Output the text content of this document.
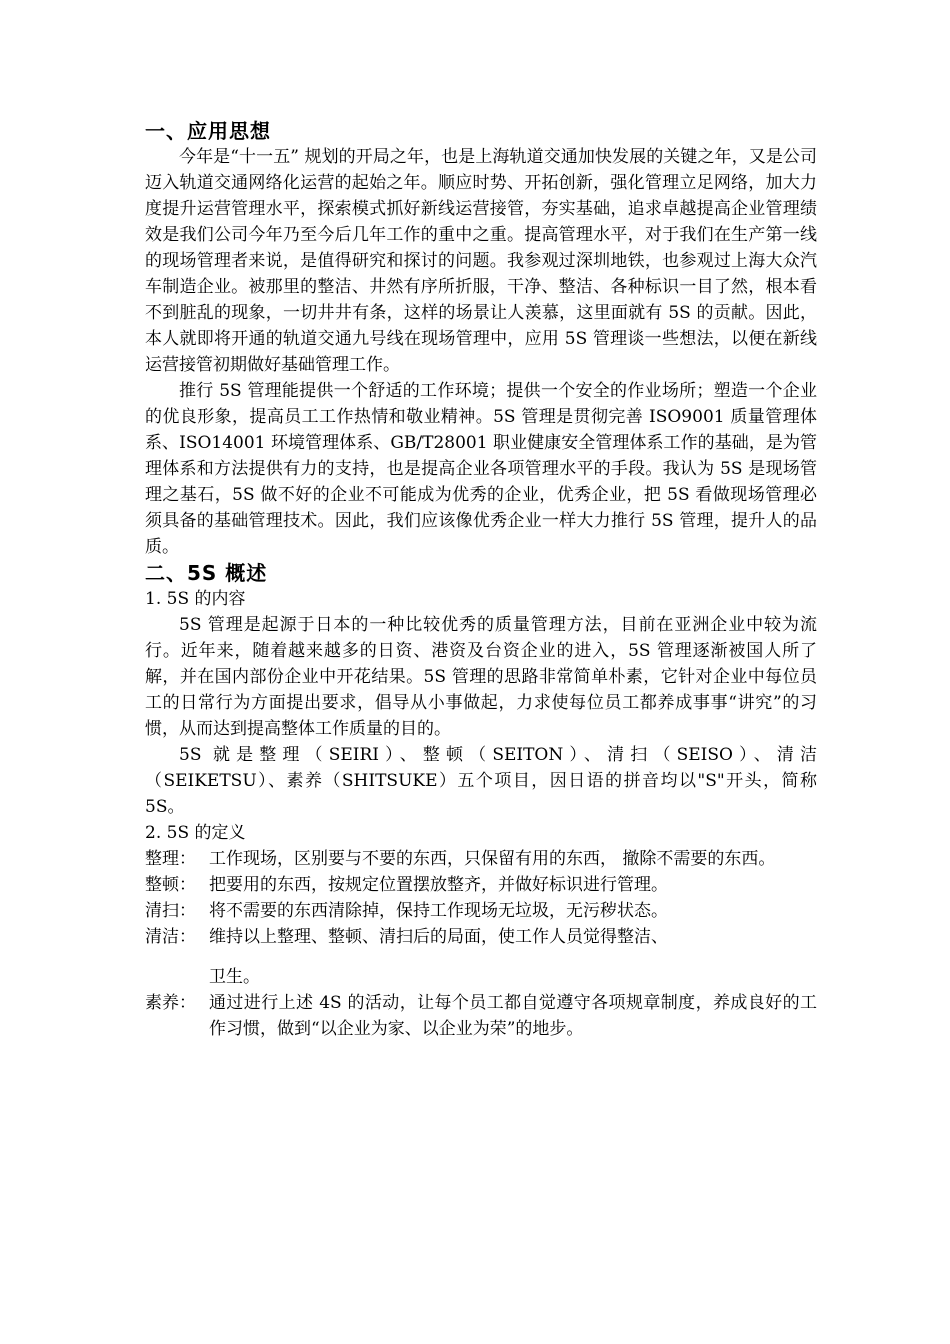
一、应用思想

今年是“十一五” 规划的开局之年，也是上海轨道交通加快发展的关键之年，又是公司迈入轨道交通网络化运营的起始之年。顺应时势、开拓创新，强化管理立足网络，加大力度提升运营管理水平，探索模式抓好新线运营接管，夯实基础，追求卓越提高企业管理绩效是我们公司今年乃至今后几年工作的重中之重。提高管理水平，对于我们在生产第一线的现场管理者来说，是值得研究和探讨的问题。我参观过深圳地铁，也参观过上海大众汽车制造企业。被那里的整洁、井然有序所折服，干净、整洁、各种标识一目了然，根本看不到脏乱的现象，一切井井有条，这样的场景让人羡慕，这里面就有 5S 的贡献。因此，本人就即将开通的轨道交通九号线在现场管理中，应用 5S 管理谈一些想法，以便在新线运营接管初期做好基础管理工作。

推行 5S 管理能提供一个舒适的工作环境；提供一个安全的作业场所；塑造一个企业的优良形象，提高员工工作热情和敬业精神。5S 管理是贯彻完善 ISO9001 质量管理体系、ISO14001 环境管理体系、GB/T28001 职业健康安全管理体系工作的基础，是为管理体系和方法提供有力的支持，也是提高企业各项管理水平的手段。我认为 5S 是现场管理之基石，5S 做不好的企业不可能成为优秀的企业，优秀企业，把 5S 看做现场管理必须具备的基础管理技术。因此，我们应该像优秀企业一样大力推行 5S 管理，提升人的品质。

二、5S 概述

1. 5S 的内容

5S 管理是起源于日本的一种比较优秀的质量管理方法，目前在亚洲企业中较为流行。近年来，随着越来越多的日资、港资及台资企业的进入，5S 管理逐渐被国人所了解，并在国内部份企业中开花结果。5S 管理的思路非常简单朴素，它针对企业中每位员工的日常行为方面提出要求，倡导从小事做起，力求使每位员工都养成事事“讲究”的习惯，从而达到提高整体工作质量的目的。

5S 就是整理（SEIRI）、整顿（SEITON）、清扫（SEISO）、清洁（SEIKETSU）、素养（SHITSUKE）五个项目，因日语的拼音均以"S"开头，简称 5S。

2. 5S 的定义

整理： 工作现场，区别要与不要的东西，只保留有用的东西， 撤除不需要的东西。
整顿： 把要用的东西，按规定位置摆放整齐，并做好标识进行管理。
清扫： 将不需要的东西清除掉，保持工作现场无垃圾，无污秽状态。
清洁： 维持以上整理、整顿、清扫后的局面，使工作人员觉得整洁、
卫生。
素养： 通过进行上述 4S 的活动，让每个员工都自觉遵守各项规章制度，养成良好的工作习惯，做到“以企业为家、以企业为荣”的地步。
